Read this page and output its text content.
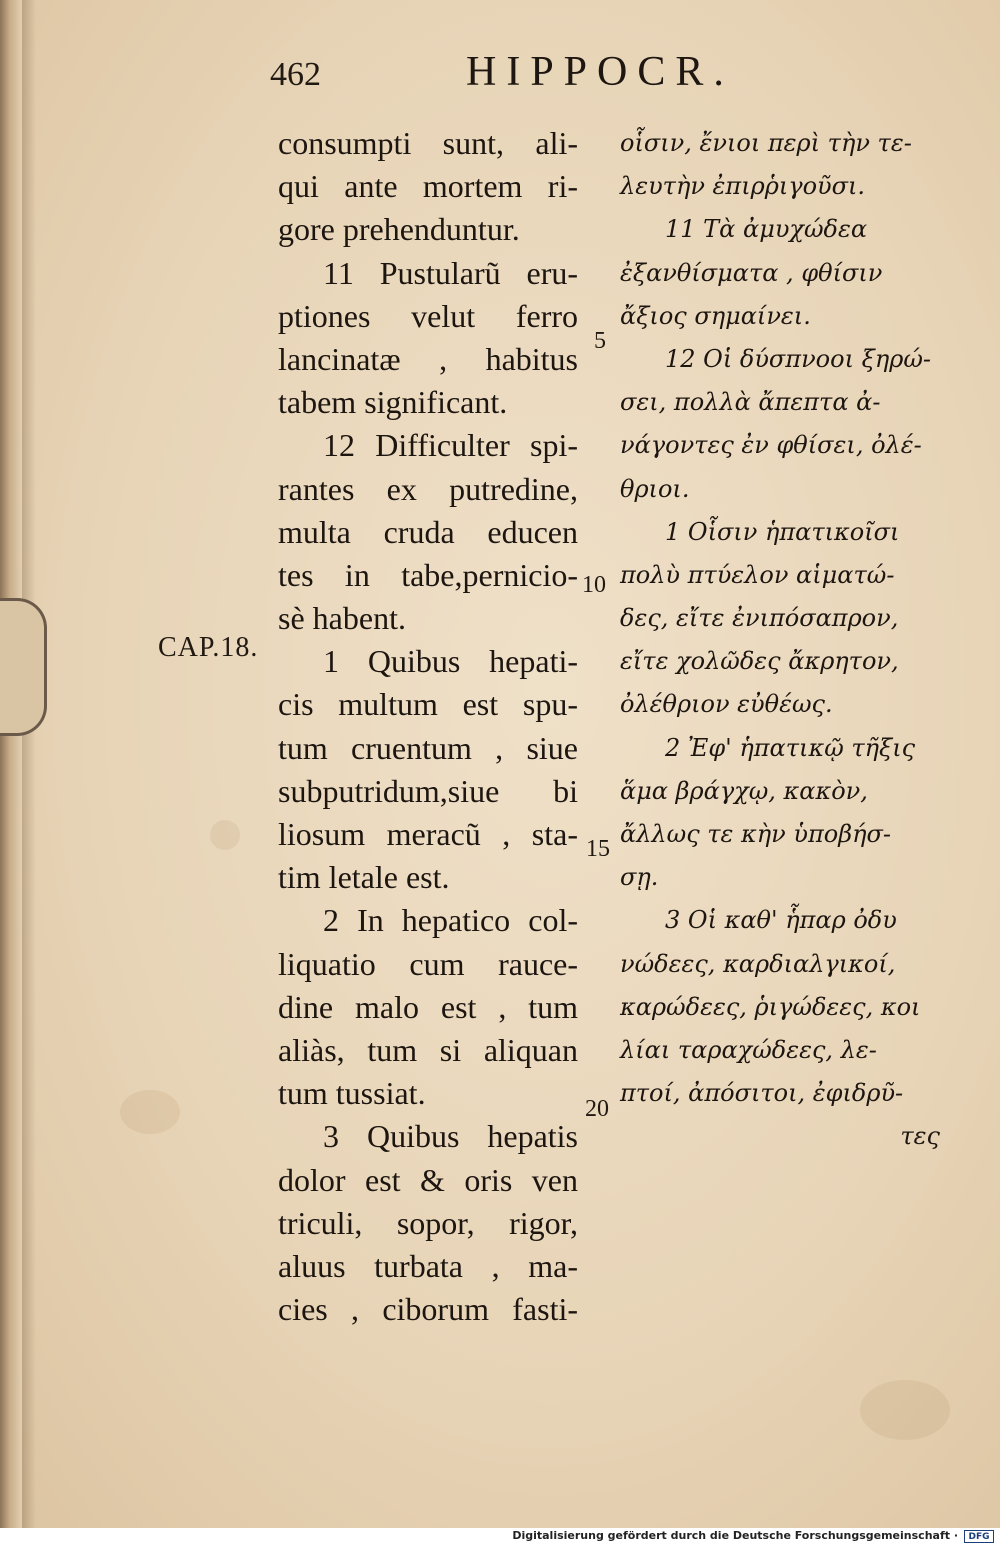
462	HIPPOCR.
CAP.18.
5
10
15
20
consumpti sunt, ali-
qui ante mortem ri-
gore prehenduntur.
11 Pustularũ eru-
ptiones velut ferro
lancinatæ , habitus
tabem significant.
12 Difficulter spi-
rantes ex putredine,
multa cruda educen
tes in tabe,pernicio-
sè habent.
1 Quibus hepati-
cis multum est spu-
tum cruentum , siue
subputridum,siue bi
liosum meracũ , sta-
tim letale est.
2 In hepatico col-
liquatio cum rauce-
dine malo est , tum
aliàs, tum si aliquan
tum tussiat.
3 Quibus hepatis
dolor est & oris ven
triculi, sopor, rigor,
aluus turbata , ma-
cies , ciborum fasti-
οἷσιν, ἔνιοι περὶ τὴν τε-
λευτὴν ἐπιρῥιγοῦσι.
11 Τὰ ἀμυχώδεα
ἐξανθίσματα , φθίσιν
ἄξιος σημαίνει.
12 Οἱ δύσπνοοι ξηρώ-
σει, πολλὰ ἄπεπτα ἀ-
νάγοντες ἐν φθίσει, ὀλέ-
θριοι.
1 Οἷσιν ἡπατικοῖσι
πολὺ πτύελον αἱματώ-
δες, εἴτε ἐνιπόσαπρον,
εἴτε χολῶδες ἄκρητον,
ὀλέθριον εὐθέως.
2 Ἐφ' ἡπατικῷ τῆξις
ἅμα βράγχῳ, κακὸν,
ἄλλως τε κὴν ὑποβήσ-
σῃ.
3 Οἱ καθ' ἧπαρ ὀδυ
νώδεες, καρδιαλγικοί,
καρώδεες, ῥιγώδεες, κοι
λίαι ταραχώδεες, λε-
πτοί, ἀπόσιτοι, ἐφιδρῦ-
τες
Digitalisierung gefördert durch die Deutsche Forschungsgemeinschaft ·	DFG
